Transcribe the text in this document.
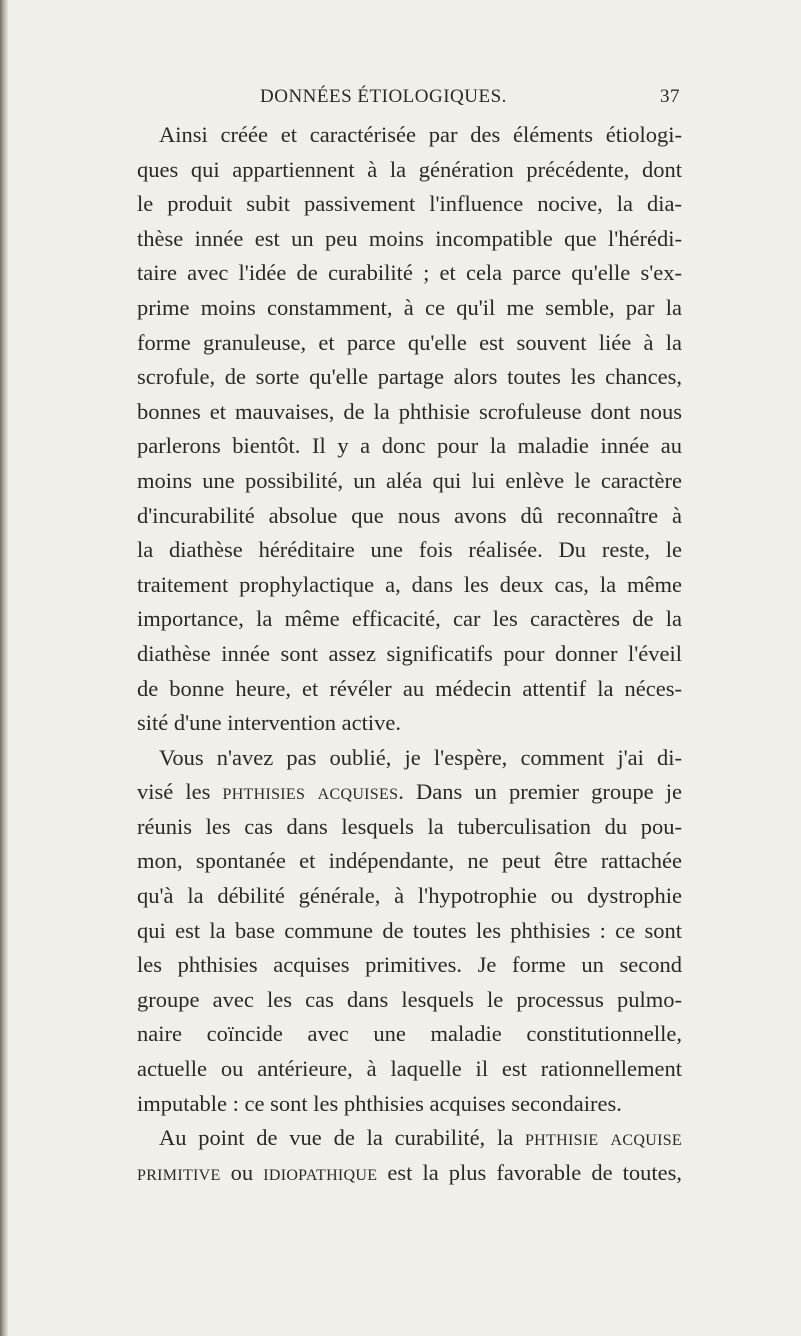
DONNÉES ÉTIOLOGIQUES.	37
Ainsi créée et caractérisée par des éléments étiologi-
ques qui appartiennent à la génération précédente, dont
le produit subit passivement l'influence nocive, la dia-
thèse innée est un peu moins incompatible que l'hérédi-
taire avec l'idée de curabilité ; et cela parce qu'elle s'ex-
prime moins constamment, à ce qu'il me semble, par la
forme granuleuse, et parce qu'elle est souvent liée à la
scrofule, de sorte qu'elle partage alors toutes les chances,
bonnes et mauvaises, de la phthisie scrofuleuse dont nous
parlerons bientôt. Il y a donc pour la maladie innée au
moins une possibilité, un aléa qui lui enlève le caractère
d'incurabilité absolue que nous avons dû reconnaître à
la diathèse héréditaire une fois réalisée. Du reste, le
traitement prophylactique a, dans les deux cas, la même
importance, la même efficacité, car les caractères de la
diathèse innée sont assez significatifs pour donner l'éveil
de bonne heure, et révéler au médecin attentif la néces-
sité d'une intervention active.
Vous n'avez pas oublié, je l'espère, comment j'ai di-
visé les phthisies acquises. Dans un premier groupe je
réunis les cas dans lesquels la tuberculisation du pou-
mon, spontanée et indépendante, ne peut être rattachée
qu'à la débilité générale, à l'hypotrophie ou dystrophie
qui est la base commune de toutes les phthisies : ce sont
les phthisies acquises primitives. Je forme un second
groupe avec les cas dans lesquels le processus pulmo-
naire coïncide avec une maladie constitutionnelle,
actuelle ou antérieure, à laquelle il est rationnellement
imputable : ce sont les phthisies acquises secondaires.
Au point de vue de la curabilité, la phthisie acquise
primitive ou idiopathique est la plus favorable de toutes,
